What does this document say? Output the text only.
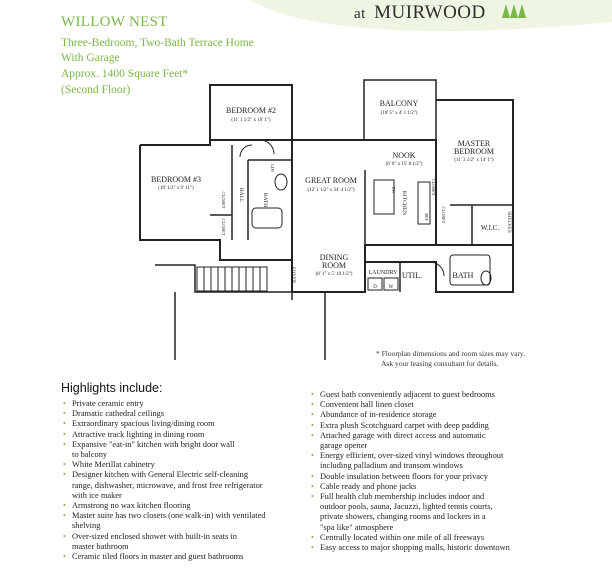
at MUIRWOOD
WILLOW NEST
Three-Bedroom, Two-Bath Terrace Home
With Garage
Approx. 1400 Square Feet*
(Second Floor)
BEDROOM #2
(11' 1 1/2" x 10' 1")
BALCONY
(10' 5" x 4' 1 1/2")
MASTER
BEDROOM
(11' 3 1/2" x 14' 1")
BEDROOM #3
(10' 1/2" x 9' 11")
NOOK
(6' 6" x 15' 8 1/2")
GREAT ROOM
(12' 1 1/2" x 34' 4 1/2")
DINING
ROOM
(8' 1" x 5' 10 1/2")	LAUNDRY UTIL.	BATH
W.I.C.
D W
BATH
HALL
CLOSET
CLOSET
CLOSET
CLOSET
LIN
KITCHEN
DW
REF	SHELVES
FOYER
* Floorplan dimensions and room sizes may vary.
Ask your leasing consultant for details.
Highlights include:
• Private ceramic entry
• Dramatic cathedral ceilings
• Extraordinary spacious living/dining room
• Attractive track lighting in dining room
• Expansive "eat-in" kitchen with bright door wall
to balcony
• White Merillat cabinetry
• Designer kitchen with General Electric self-cleaning
range, dishwasher, microwave, and frost free refrigerator
with ice maker
• Armstrong no wax kitchen flooring
• Master suite has two closets (one walk-in) with ventilated
shelving
• Over-sized enclosed shower with built-in seats in
master bathroom
• Ceramic tiled floors in master and guest bathrooms
• Guest bath conveniently adjacent to guest bedrooms
• Convenient hall linen closet
• Abundance of in-residence storage
• Extra plush Scotchguard carpet with deep padding
• Attached garage with direct access and automatic
garage opener
• Energy efficient, over-sized vinyl windows throughout
including palladium and transom windows
• Double insulation between floors for your privacy
• Cable ready and phone jacks
• Full health club membership includes indoor and
outdoor pools, sauna, Jacuzzi, lighted tennis courts,
private showers, changing rooms and lockers in a
"spa like" atmosphere
• Centrally located within one mile of all freeways
• Easy access to major shopping malls, historic downtown
